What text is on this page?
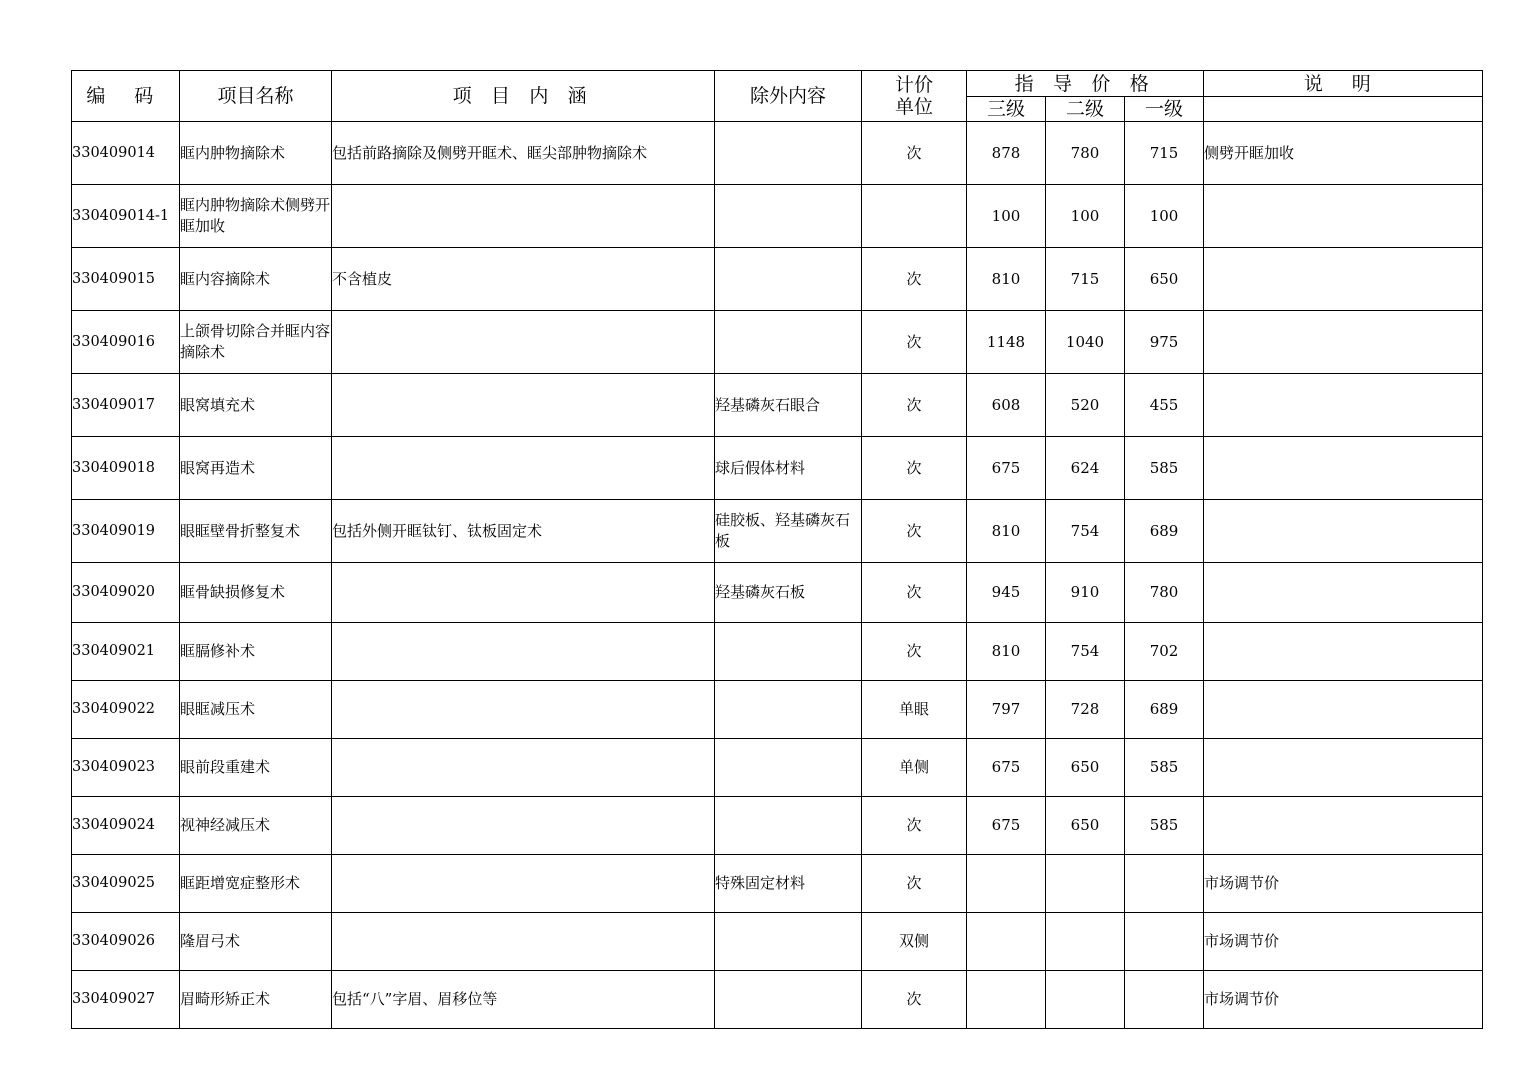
编 码	项目名称	项 目 内 涵	除外内容	计价
单位	指 导 价 格			说 明
					三级	二级	一级	
330409014	眶内肿物摘除术	包括前路摘除及侧劈开眶术、眶尖部肿物摘除术		次	878	780	715	侧劈开眶加收
330409014-1	眶内肿物摘除术侧劈开眶加收				100	100	100	
330409015	眶内容摘除术	不含植皮		次	810	715	650	
330409016	上颌骨切除合并眶内容摘除术			次	1148	1040	975	
330409017	眼窝填充术		羟基磷灰石眼合	次	608	520	455	
330409018	眼窝再造术		球后假体材料	次	675	624	585	
330409019	眼眶壁骨折整复术	包括外侧开眶钛钉、钛板固定术	硅胶板、羟基磷灰石板	次	810	754	689	
330409020	眶骨缺损修复术		羟基磷灰石板	次	945	910	780	
330409021	眶膈修补术			次	810	754	702	
330409022	眼眶减压术			单眼	797	728	689	
330409023	眼前段重建术			单侧	675	650	585	
330409024	视神经减压术			次	675	650	585	
330409025	眶距增宽症整形术		特殊固定材料	次				市场调节价
330409026	隆眉弓术			双侧				市场调节价
330409027	眉畸形矫正术	包括“八”字眉、眉移位等		次				市场调节价
